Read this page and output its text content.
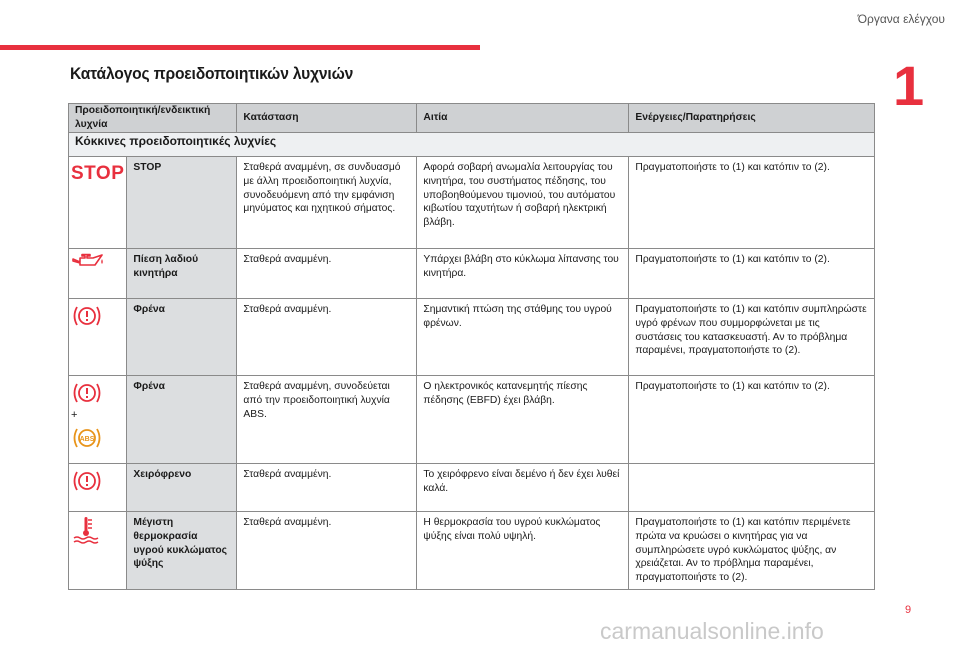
Όργανα ελέγχου
1
Κατάλογος προειδοποιητικών λυχνιών
Προειδοποιητική/ενδεικτική λυχνία		Κατάσταση	Αιτία	Ενέργειες/Παρατηρήσεις
Κόκκινες προειδοποιητικές λυχνίες				
STOP	STOP	Σταθερά αναμμένη, σε συνδυασμό με άλλη προειδοποιητική λυχνία, συνοδευόμενη από την εμφάνιση μηνύματος και ηχητικού σήματος.	Αφορά σοβαρή ανωμαλία λειτουργίας του κινητήρα, του συστήματος πέδησης, του υποβοηθούμενου τιμονιού, του αυτόματου κιβωτίου ταχυτήτων ή σοβαρή ηλεκτρική βλάβη.	Πραγματοποιήστε το (1) και κατόπιν το (2).
	Πίεση λαδιού κινητήρα	Σταθερά αναμμένη.	Υπάρχει βλάβη στο κύκλωμα λίπανσης του κινητήρα.	Πραγματοποιήστε το (1) και κατόπιν το (2).
	Φρένα	Σταθερά αναμμένη.	Σημαντική πτώση της στάθμης του υγρού φρένων.	Πραγματοποιήστε το (1) και κατόπιν συμπληρώστε υγρό φρένων που συμμορφώνεται με τις συστάσεις του κατασκευαστή. Αν το πρόβλημα παραμένει, πραγματοποιήστε το (2).

+
ABS	Φρένα	Σταθερά αναμμένη, συνοδεύεται από την προειδοποιητική λυχνία ABS.	Ο ηλεκτρονικός κατανεμητής πίεσης πέδησης (EBFD) έχει βλάβη.	Πραγματοποιήστε το (1) και κατόπιν το (2).
	Χειρόφρενο	Σταθερά αναμμένη.	Το χειρόφρενο είναι δεμένο ή δεν έχει λυθεί καλά.	
	Μέγιστη θερμοκρασία υγρού κυκλώματος ψύξης	Σταθερά αναμμένη.	Η θερμοκρασία του υγρού κυκλώματος ψύξης είναι πολύ υψηλή.	Πραγματοποιήστε το (1) και κατόπιν περιμένετε πρώτα να κρυώσει ο κινητήρας για να συμπληρώσετε υγρό κυκλώματος ψύξης, αν χρειάζεται. Αν το πρόβλημα παραμένει, πραγματοποιήστε το (2).
9
carmanualsonline.info
